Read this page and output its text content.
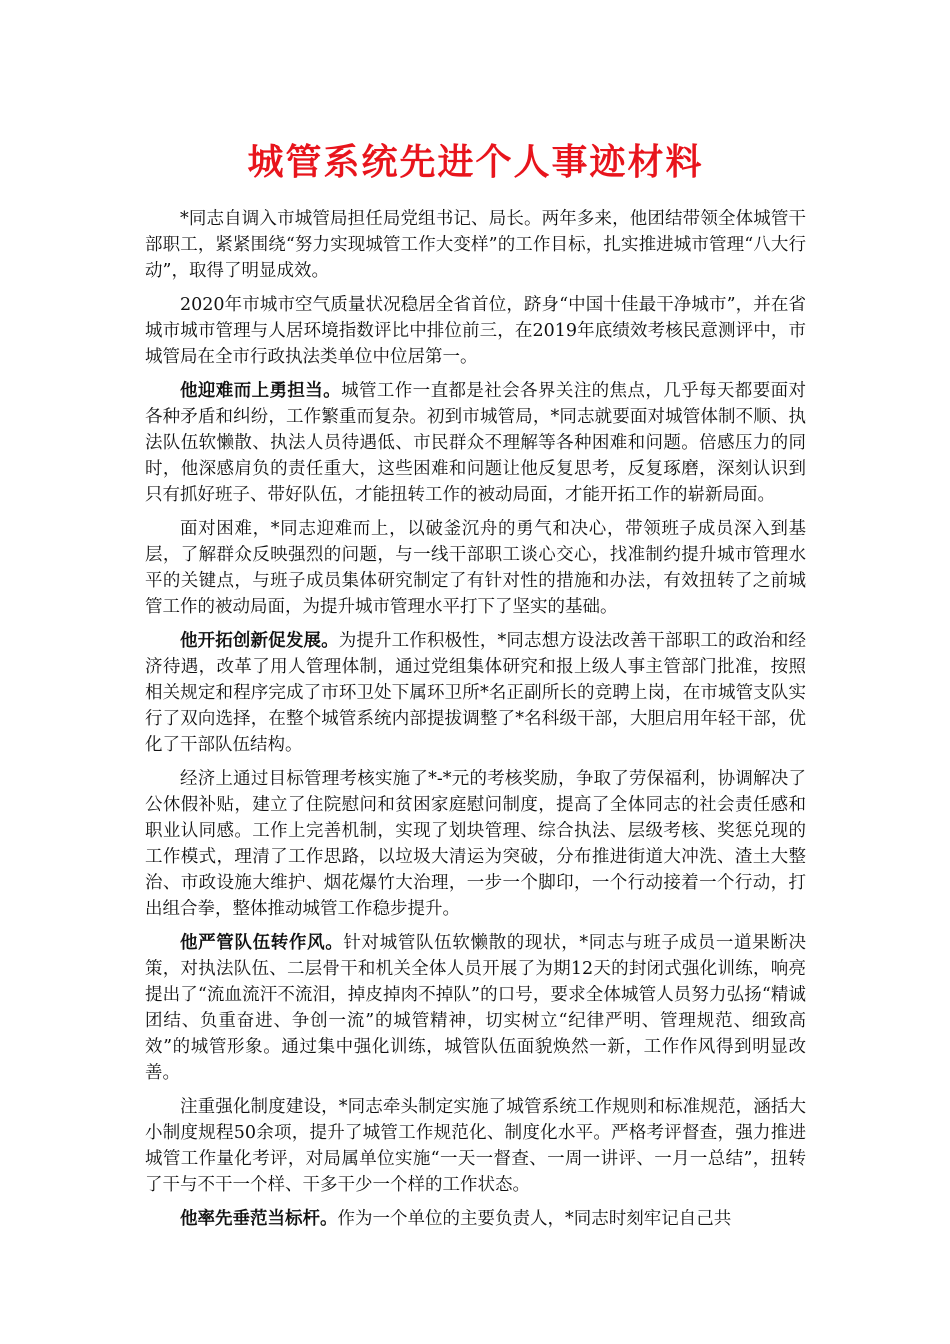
城管系统先进个人事迹材料

*同志自调入市城管局担任局党组书记、局长。两年多来，他团结带领全体城管干部职工，紧紧围绕“努力实现城管工作大变样”的工作目标，扎实推进城市管理“八大行动”，取得了明显成效。

2020年市城市空气质量状况稳居全省首位，跻身“中国十佳最干净城市”，并在省城市城市管理与人居环境指数评比中排位前三，在2019年底绩效考核民意测评中，市城管局在全市行政执法类单位中位居第一。

他迎难而上勇担当。城管工作一直都是社会各界关注的焦点，几乎每天都要面对各种矛盾和纠纷，工作繁重而复杂。初到市城管局，*同志就要面对城管体制不顺、执法队伍软懒散、执法人员待遇低、市民群众不理解等各种困难和问题。倍感压力的同时，他深感肩负的责任重大，这些困难和问题让他反复思考，反复琢磨，深刻认识到只有抓好班子、带好队伍，才能扭转工作的被动局面，才能开拓工作的崭新局面。

面对困难，*同志迎难而上，以破釜沉舟的勇气和决心，带领班子成员深入到基层，了解群众反映强烈的问题，与一线干部职工谈心交心，找准制约提升城市管理水平的关键点，与班子成员集体研究制定了有针对性的措施和办法，有效扭转了之前城管工作的被动局面，为提升城市管理水平打下了坚实的基础。

他开拓创新促发展。为提升工作积极性，*同志想方设法改善干部职工的政治和经济待遇，改革了用人管理体制，通过党组集体研究和报上级人事主管部门批准，按照相关规定和程序完成了市环卫处下属环卫所*名正副所长的竞聘上岗，在市城管支队实行了双向选择，在整个城管系统内部提拔调整了*名科级干部，大胆启用年轻干部，优化了干部队伍结构。

经济上通过目标管理考核实施了*-*元的考核奖励，争取了劳保福利，协调解决了公休假补贴，建立了住院慰问和贫困家庭慰问制度，提高了全体同志的社会责任感和职业认同感。工作上完善机制，实现了划块管理、综合执法、层级考核、奖惩兑现的工作模式，理清了工作思路，以垃圾大清运为突破，分布推进街道大冲洗、渣土大整治、市政设施大维护、烟花爆竹大治理，一步一个脚印，一个行动接着一个行动，打出组合拳，整体推动城管工作稳步提升。

他严管队伍转作风。针对城管队伍软懒散的现状，*同志与班子成员一道果断决策，对执法队伍、二层骨干和机关全体人员开展了为期12天的封闭式强化训练，响亮提出了“流血流汗不流泪，掉皮掉肉不掉队”的口号，要求全体城管人员努力弘扬“精诚团结、负重奋进、争创一流”的城管精神，切实树立“纪律严明、管理规范、细致高效”的城管形象。通过集中强化训练，城管队伍面貌焕然一新，工作作风得到明显改善。

注重强化制度建设，*同志牵头制定实施了城管系统工作规则和标准规范，涵括大小制度规程50余项，提升了城管工作规范化、制度化水平。严格考评督查，强力推进城管工作量化考评，对局属单位实施“一天一督查、一周一讲评、一月一总结”，扭转了干与不干一个样、干多干少一个样的工作状态。

他率先垂范当标杆。作为一个单位的主要负责人，*同志时刻牢记自己共
